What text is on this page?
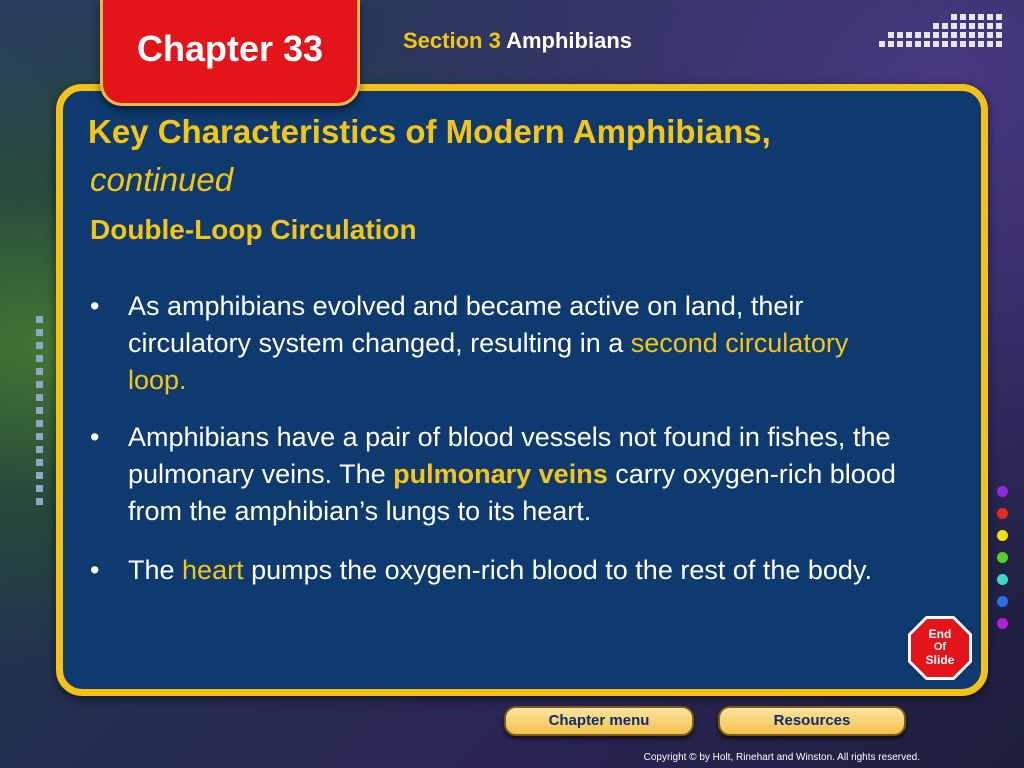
Chapter 33	Section 3 Amphibians
Key Characteristics of Modern Amphibians,
continued
Double-Loop Circulation
• As amphibians evolved and became active on land, their circulatory system changed, resulting in a second circulatory loop.
• Amphibians have a pair of blood vessels not found in fishes, the pulmonary veins. The pulmonary veins carry oxygen-rich blood from the amphibian’s lungs to its heart.
• The heart pumps the oxygen-rich blood to the rest of the body.
End
Of
Slide
Chapter menu	Resources
Copyright © by Holt, Rinehart and Winston. All rights reserved.
